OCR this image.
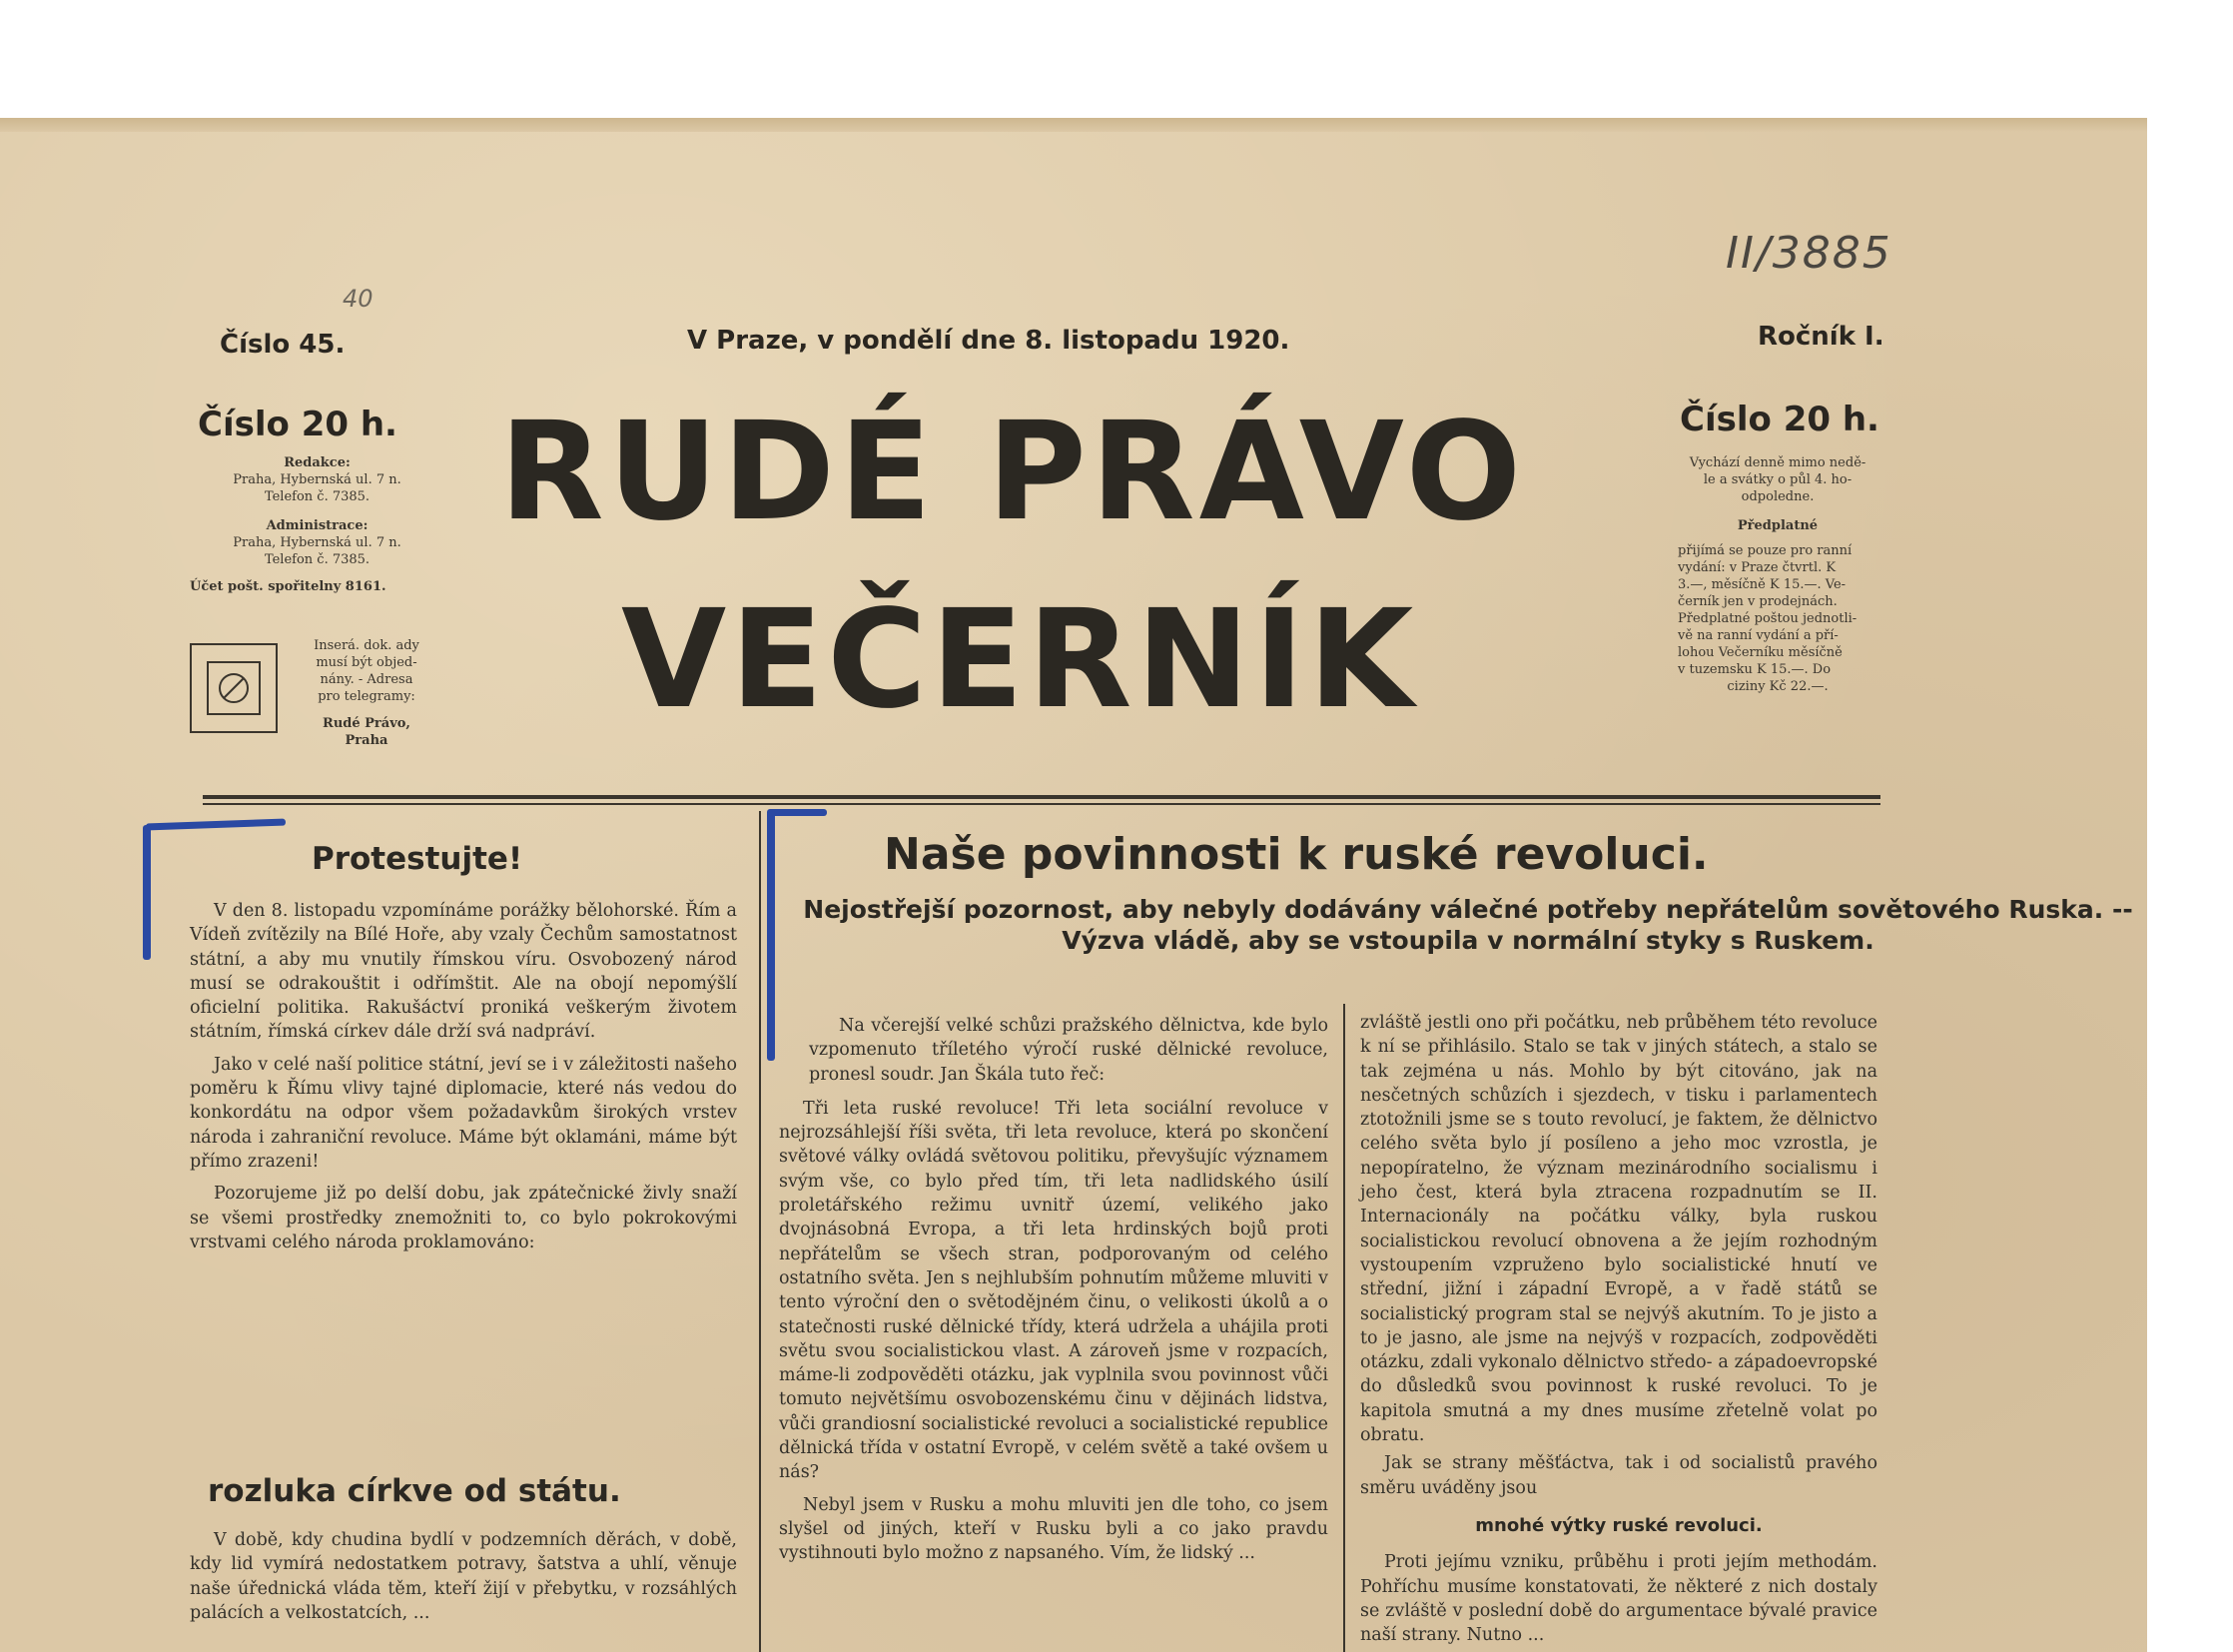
II/3885
40
Číslo 45.	V Praze, v pondělí dne 8. listopadu 1920.	Ročník I.
Číslo 20 h.
Redakce:
Praha, Hybernská ul. 7 n.
Telefon č. 7385.
Administrace:
Praha, Hybernská ul. 7 n.
Telefon č. 7385.
Účet pošt. spořitelny 8161.
Inserá. dok. ady
musí být objed-
nány. - Adresa
pro telegramy:
Rudé Právo,
Praha
RUDÉ PRÁVO
VEČERNÍK
Číslo 20 h.
Vychází denně mimo nedě-
le a svátky o půl 4. ho-
odpoledne.
Předplatné
přijímá se pouze pro ranní
vydání: v Praze čtvrtl. K
3.—, měsíčně K 15.—. Ve-
černík jen v prodejnách.
Předplatné poštou jednotli-
vě na ranní vydání a pří-
lohou Večerníku měsíčně
v tuzemsku K 15.—. Do
ciziny Kč 22.—.
Protestujte!

V den 8. listopadu vzpomínáme porážky bělohorské. Řím a Vídeň zvítězily na Bílé Hoře, aby vzaly Čechům samostatnost státní, a aby mu vnutily římskou víru. Osvobozený národ musí se odrakouštit i odřímštit. Ale na obojí nepomýšlí oficielní politika. Rakušáctví proniká veškerým životem státním, římská církev dále drží svá nadpráví.

Jako v celé naší politice státní, jeví se i v záležitosti našeho poměru k Římu vlivy tajné diplomacie, které nás vedou do konkordátu na odpor všem požadavkům širokých vrstev národa i zahraniční revoluce. Máme být oklamáni, máme být přímo zrazeni!

Pozorujeme již po delší dobu, jak zpátečnické živly snaží se všemi prostředky znemožniti to, co bylo pokrokovými vrstvami celého národa proklamováno:

rozluka církve od státu.

V době, kdy chudina bydlí v podzemních děrách, v době, kdy lid vymírá nedostatkem potravy, šatstva a uhlí, věnuje naše úřednická vláda těm, kteří žijí v přebytku, v rozsáhlých palácích a velkostatcích, ...

Naše povinnosti k ruské revoluci.
Nejostřejší pozornost, aby nebyly dodávány válečné potřeby nepřátelům sovětového Ruska. -- Výzva vládě, aby se vstoupila v normální styky s Ruskem.

Na včerejší velké schůzi pražského dělnictva, kde bylo vzpomenuto tříletého výročí ruské dělnické revoluce, pronesl soudr. Jan Škála tuto řeč:

Tři leta ruské revoluce! Tři leta sociální revoluce v nejrozsáhlejší říši světa, tři leta revoluce, která po skončení světové války ovládá světovou politiku, převyšujíc významem svým vše, co bylo před tím, tři leta nadlidského úsilí proletářského režimu uvnitř území, velikého jako dvojnásobná Evropa, a tři leta hrdinských bojů proti nepřátelům se všech stran, podporovaným od celého ostatního světa. Jen s nejhlubším pohnutím můžeme mluviti v tento výroční den o světodějném činu, o velikosti úkolů a o statečnosti ruské dělnické třídy, která udržela a uhájila proti světu svou socialistickou vlast. A zároveň jsme v rozpacích, máme-li zodpověděti otázku, jak vyplnila svou povinnost vůči tomuto největšímu osvobozenskému činu v dějinách lidstva, vůči grandiosní socialistické revoluci a socialistické republice dělnická třída v ostatní Evropě, v celém světě a také ovšem u nás?

Nebyl jsem v Rusku a mohu mluviti jen dle toho, co jsem slyšel od jiných, kteří v Rusku byli a co jako pravdu vystihnouti bylo možno z napsaného. Vím, že lidský ...

zvláště jestli ono při počátku, neb průběhem této revoluce k ní se přihlásilo. Stalo se tak v jiných státech, a stalo se tak zejména u nás. Mohlo by být citováno, jak na nesčetných schůzích i sjezdech, v tisku i parlamentech ztotožnili jsme se s touto revolucí, je faktem, že dělnictvo celého světa bylo jí posíleno a jeho moc vzrostla, je nepopíratelno, že význam mezinárodního socialismu i jeho čest, která byla ztracena rozpadnutím se II. Internacionály na počátku války, byla ruskou socialistickou revolucí obnovena a že jejím rozhodným vystoupením vzpruženo bylo socialistické hnutí ve střední, jižní i západní Evropě, a v řadě států se socialistický program stal se nejvýš akutním. To je jisto a to je jasno, ale jsme na nejvýš v rozpacích, zodpověděti otázku, zdali vykonalo dělnictvo středo- a západoevropské do důsledků svou povinnost k ruské revoluci. To je kapitola smutná a my dnes musíme zřetelně volat po obratu.

Jak se strany měšťáctva, tak i od socialistů pravého směru uváděny jsou

mnohé výtky ruské revoluci.

Proti jejímu vzniku, průběhu i proti jejím methodám. Pohříchu musíme konstatovati, že některé z nich dostaly se zvláště v poslední době do argumentace bývalé pravice naší strany. Nutno ...
